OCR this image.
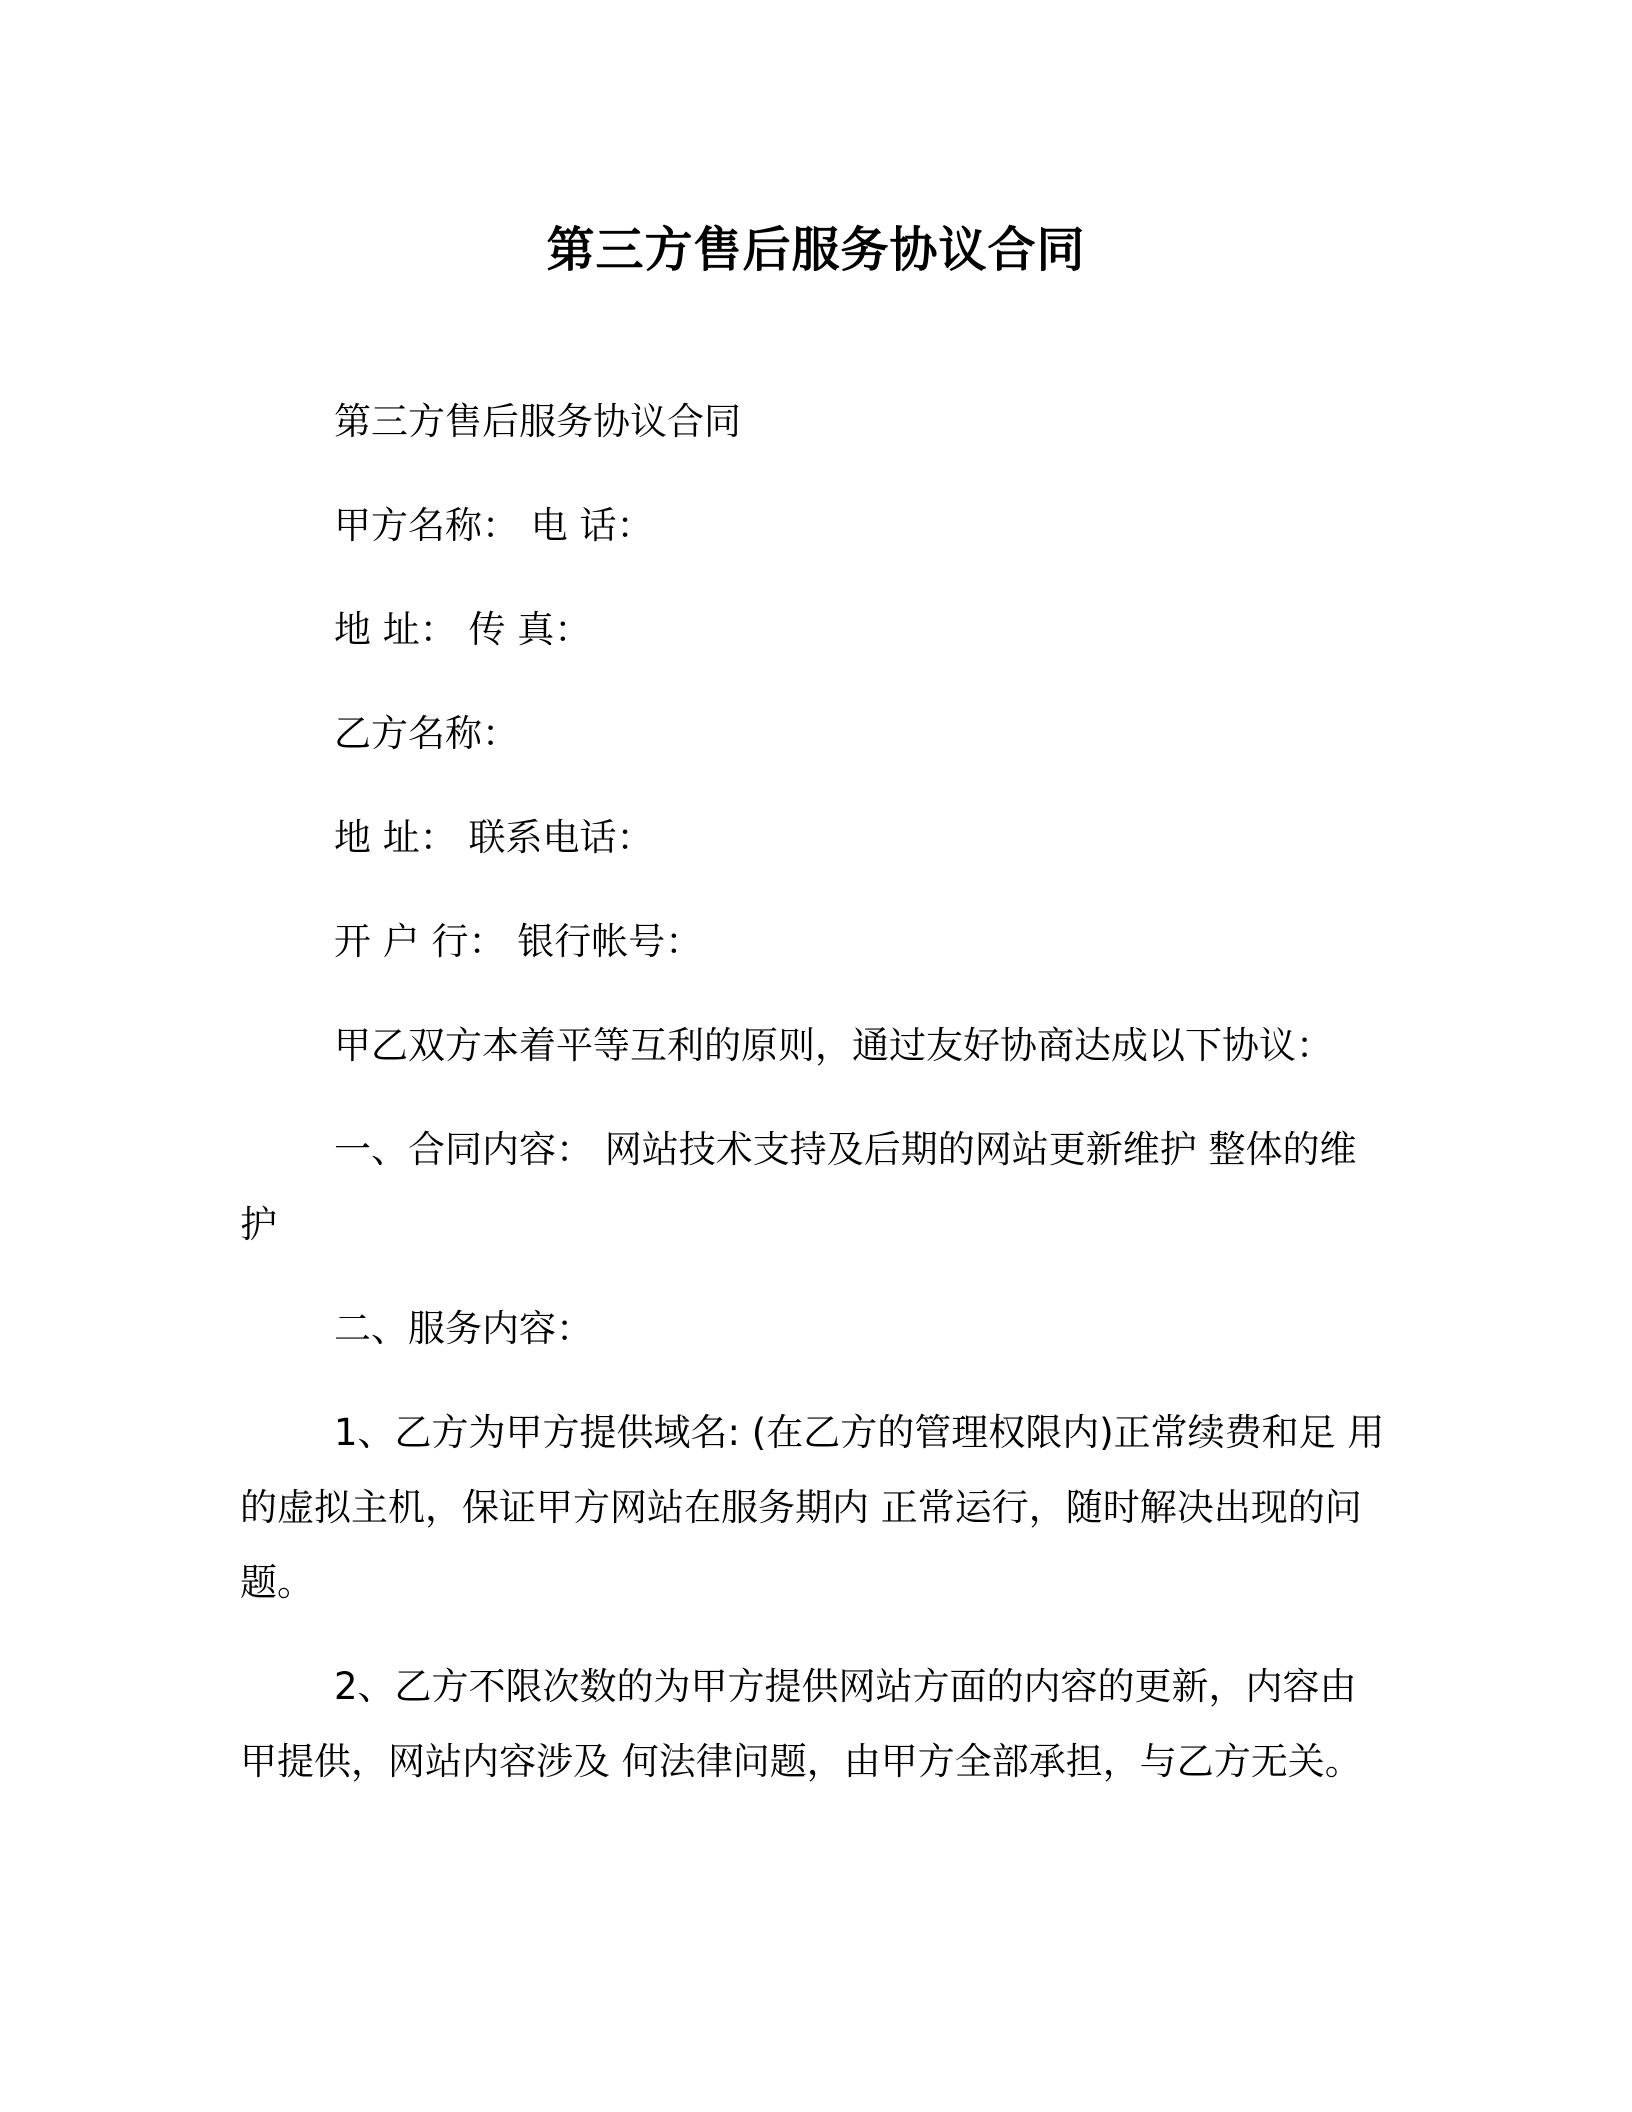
第三方售后服务协议合同
第三方售后服务协议合同
甲方名称： 电 话：
地 址： 传 真：
乙方名称：
地 址： 联系电话：
开 户 行： 银行帐号：
甲乙双方本着平等互利的原则，通过友好协商达成以下协议：
一、合同内容： 网站技术支持及后期的网站更新维护 整体的维
护
二、服务内容：
1、乙方为甲方提供域名: (在乙方的管理权限内)正常续费和足 用
的虚拟主机，保证甲方网站在服务期内 正常运行，随时解决出现的问
题。
2、乙方不限次数的为甲方提供网站方面的内容的更新，内容由
甲提供，网站内容涉及 何法律问题，由甲方全部承担，与乙方无关。
